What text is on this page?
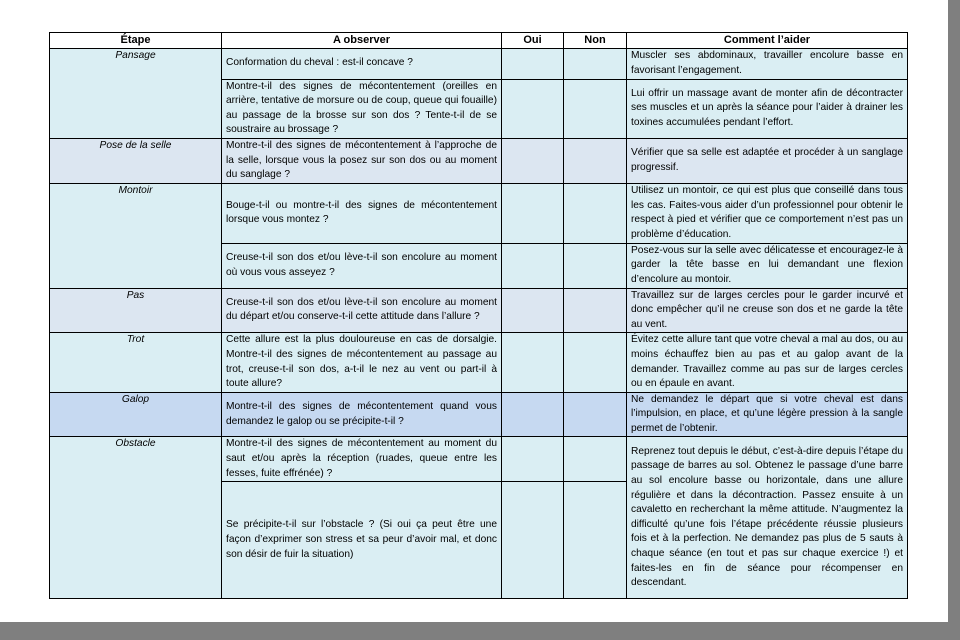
Étape	A observer	Oui	Non	Comment l’aider
Pansage	Conformation du cheval : est-il concave ?			Muscler ses abdominaux, travailler encolure basse en favorisant l’engagement.
	Montre-t-il des signes de mécontentement (oreilles en arrière, tentative de morsure ou de coup, queue qui fouaille) au passage de la brosse sur son dos ? Tente-t-il de se soustraire au brossage ?			Lui offrir un massage avant de monter afin de décontracter ses muscles et un après la séance pour l’aider à drainer les toxines accumulées pendant l’effort.
Pose de la selle	Montre-t-il des signes de mécontentement à l’approche de la selle, lorsque vous la posez sur son dos ou au moment du sanglage ?			Vérifier que sa selle est adaptée et procéder à un sanglage progressif.
Montoir	Bouge-t-il ou montre-t-il des signes de mécontentement lorsque vous montez ?			Utilisez un montoir, ce qui est plus que conseillé dans tous les cas. Faites-vous aider d’un professionnel pour obtenir le respect à pied et vérifier que ce comportement n’est pas un problème d’éducation.
	Creuse-t-il son dos et/ou lève-t-il son encolure au moment où vous vous asseyez ?			Posez-vous sur la selle avec délicatesse et encouragez-le à garder la tête basse en lui demandant une flexion d’encolure au montoir.
Pas	Creuse-t-il son dos et/ou lève-t-il son encolure au moment du départ et/ou conserve-t-il cette attitude dans l’allure ?			Travaillez sur de larges cercles pour le garder incurvé et donc empêcher qu’il ne creuse son dos et ne garde la tête au vent.
Trot	Cette allure est la plus douloureuse en cas de dorsalgie. Montre-t-il des signes de mécontentement au passage au trot, creuse-t-il son dos, a-t-il le nez au vent ou part-il à toute allure?			Évitez cette allure tant que votre cheval a mal au dos, ou au moins échauffez bien au pas et au galop avant de la demander. Travaillez comme au pas sur de larges cercles ou en épaule en avant.
Galop	Montre-t-il des signes de mécontentement quand vous demandez le galop ou se précipite-t-il ?			Ne demandez le départ que si votre cheval est dans l’impulsion, en place, et qu’une légère pression à la sangle permet de l’obtenir.
Obstacle	Montre-t-il des signes de mécontentement au moment du saut et/ou après la réception (ruades, queue entre les fesses, fuite effrénée) ?			Reprenez tout depuis le début, c’est-à-dire depuis l’étape du passage de barres au sol. Obtenez le passage d’une barre au sol encolure basse ou horizontale, dans une allure régulière et dans la décontraction. Passez ensuite à un cavaletto en recherchant la même attitude. N’augmentez la difficulté qu’une fois l’étape précédente réussie plusieurs fois et à la perfection. Ne demandez pas plus de 5 sauts à chaque séance (en tout et pas sur chaque exercice !) et faites-les en fin de séance pour récompenser en descendant.
	Se précipite-t-il sur l’obstacle ? (Si oui ça peut être une façon d’exprimer son stress et sa peur d’avoir mal, et donc son désir de fuir la situation)			
